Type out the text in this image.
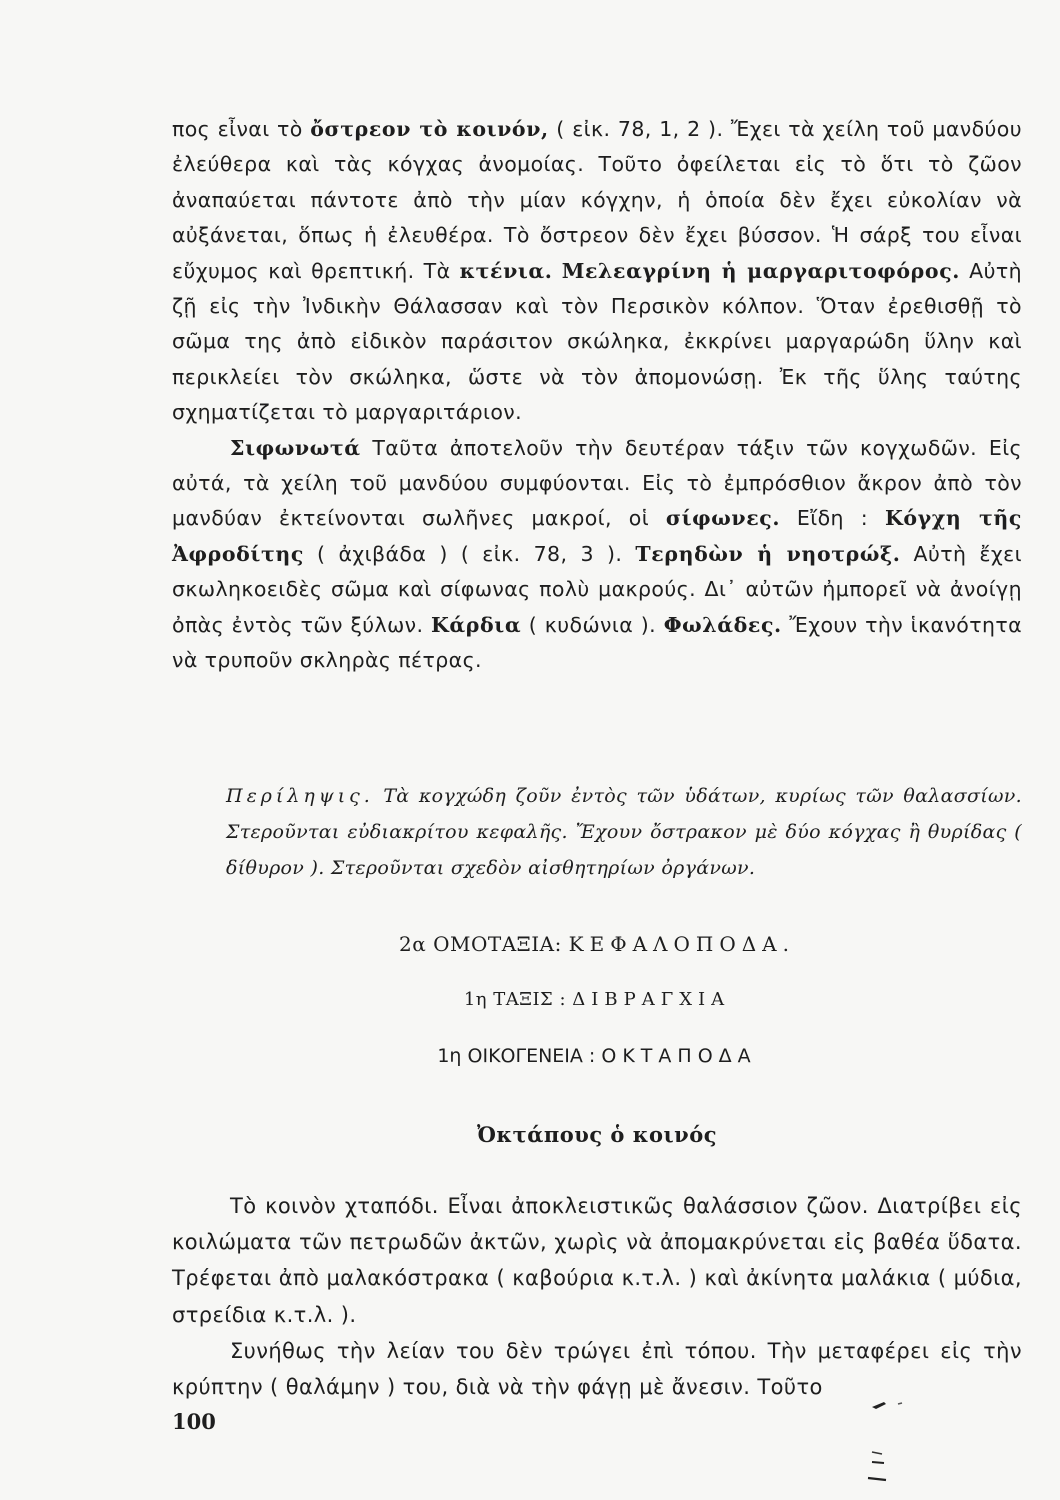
πος εἶναι τὸ ὄστρεον τὸ κοινόν, ( εἰκ. 78, 1, 2 ). Ἔχει τὰ χείλη τοῦ μανδύου ἐλεύθερα καὶ τὰς κόγχας ἀνομοίας. Τοῦτο ὀφείλεται εἰς τὸ ὅτι τὸ ζῶον ἀναπαύεται πάντοτε ἀπὸ τὴν μίαν κόγχην, ἡ ὁποία δὲν ἔχει εὐκολίαν νὰ αὐξάνεται, ὅπως ἡ ἐλευθέρα. Τὸ ὄστρεον δὲν ἔχει βύσσον. Ἡ σάρξ του εἶναι εὔχυμος καὶ θρεπτική. Τὰ κτένια. Μελεαγρίνη ἡ μαργαριτοφόρος. Αὐτὴ ζῇ εἰς τὴν Ἰνδικὴν Θάλασσαν καὶ τὸν Περσικὸν κόλπον. Ὅταν ἐρεθισθῇ τὸ σῶμα της ἀπὸ εἰδικὸν παράσιτον σκώληκα, ἐκκρίνει μαργαρώδη ὕλην καὶ περικλείει τὸν σκώληκα, ὥστε νὰ τὸν ἀπομονώσῃ. Ἐκ τῆς ὕλης ταύτης σχηματίζεται τὸ μαργαριτάριον.

Σιφωνωτά Ταῦτα ἀποτελοῦν τὴν δευτέραν τάξιν τῶν κογχωδῶν. Εἰς αὐτά, τὰ χείλη τοῦ μανδύου συμφύονται. Εἰς τὸ ἐμπρόσθιον ἄκρον ἀπὸ τὸν μανδύαν ἐκτείνονται σωλῆνες μακροί, οἱ σίφωνες. Εἴδη : Κόγχη τῆς Ἀφροδίτης ( ἀχιβάδα ) ( εἰκ. 78, 3 ). Τερηδὼν ἡ νηοτρώξ. Αὐτὴ ἔχει σκωληκοειδὲς σῶμα καὶ σίφωνας πολὺ μακρούς. Δι᾽ αὐτῶν ἠμπορεῖ νὰ ἀνοίγῃ ὀπὰς ἐντὸς τῶν ξύλων. Κάρδια ( κυδώνια ). Φωλάδες. Ἔχουν τὴν ἱκανότητα νὰ τρυποῦν σκληρὰς πέτρας.

Περίληψις. Τὰ κογχώδη ζοῦν ἐντὸς τῶν ὑδάτων, κυρίως τῶν θαλασσίων. Στεροῦνται εὐδιακρίτου κεφαλῆς. Ἔχουν ὄστρακον μὲ δύο κόγχας ἢ θυρίδας ( δίθυρον ). Στεροῦνται σχεδὸν αἰσθητηρίων ὀργάνων.
2α ΟΜΟΤΑΞΙΑ: ΚΕΦΑΛΟΠΟΔΑ.
1η ΤΑΞΙΣ : ΔΙΒΡΑΓΧΙΑ
1η ΟΙΚΟΓΕΝΕΙΑ : ΟΚΤΑΠΟΔΑ
Ὀκτάπους ὁ κοινός

Τὸ κοινὸν χταπόδι. Εἶναι ἀποκλειστικῶς θαλάσσιον ζῶον. Διατρίβει εἰς κοιλώματα τῶν πετρωδῶν ἀκτῶν, χωρὶς νὰ ἀπομακρύνεται εἰς βαθέα ὕδατα. Τρέφεται ἀπὸ μαλακόστρακα ( καβούρια κ.τ.λ. ) καὶ ἀκίνητα μαλάκια ( μύδια, στρείδια κ.τ.λ. ).

Συνήθως τὴν λείαν του δὲν τρώγει ἐπὶ τόπου. Τὴν μεταφέρει εἰς τὴν κρύπτην ( θαλάμην ) του, διὰ νὰ τὴν φάγῃ μὲ ἄνεσιν. Τοῦτο

100
